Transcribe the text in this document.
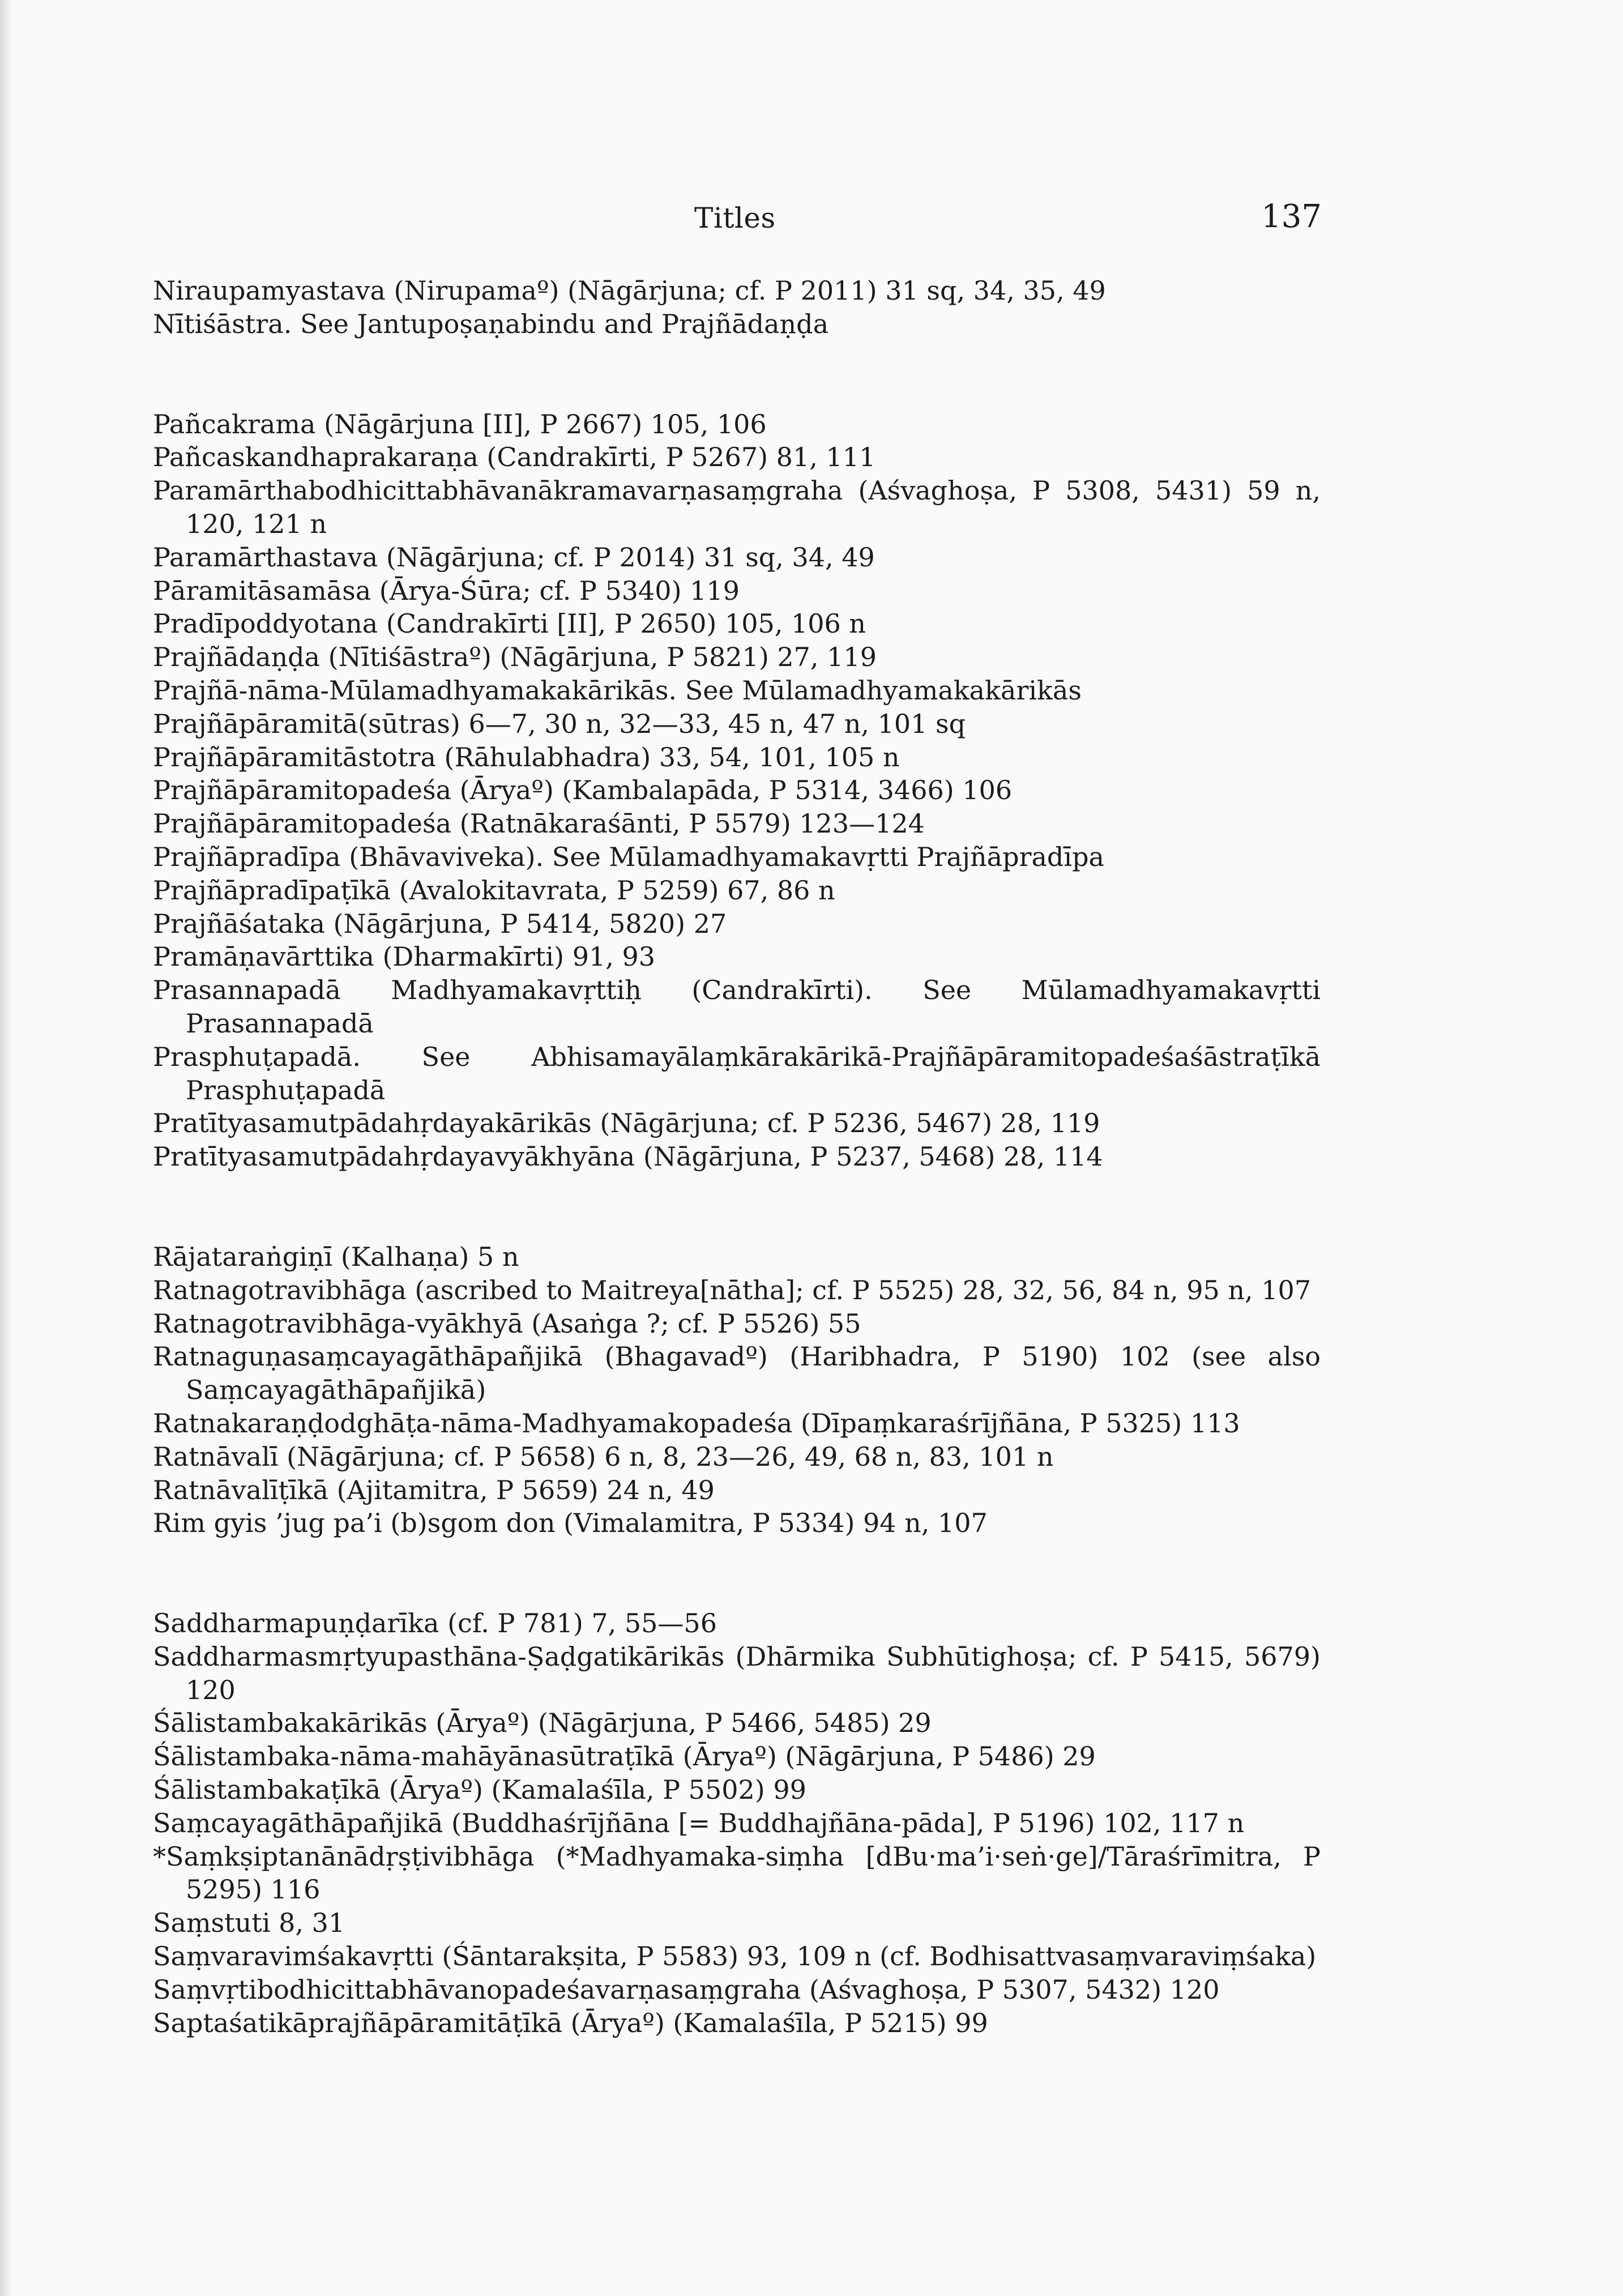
Titles	137
Niraupamyastava (Nirupamaº) (Nāgārjuna; cf. P 2011) 31 sq, 34, 35, 49
Nītiśāstra. See Jantupoṣaṇabindu and Prajñādaṇḍa
Pañcakrama (Nāgārjuna [II], P 2667) 105, 106
Pañcaskandhaprakaraṇa (Candrakīrti, P 5267) 81, 111
Paramārthabodhicittabhāvanākramavarṇasaṃgraha (Aśvaghoṣa, P 5308, 5431) 59 n, 120, 121 n
Paramārthastava (Nāgārjuna; cf. P 2014) 31 sq, 34, 49
Pāramitāsamāsa (Ārya-Śūra; cf. P 5340) 119
Pradīpoddyotana (Candrakīrti [II], P 2650) 105, 106 n
Prajñādaṇḍa (Nītiśāstraº) (Nāgārjuna, P 5821) 27, 119
Prajñā-nāma-Mūlamadhyamakakārikās. See Mūlamadhyamakakārikās
Prajñāpāramitā(sūtras) 6—7, 30 n, 32—33, 45 n, 47 n, 101 sq
Prajñāpāramitāstotra (Rāhulabhadra) 33, 54, 101, 105 n
Prajñāpāramitopadeśa (Āryaº) (Kambalapāda, P 5314, 3466) 106
Prajñāpāramitopadeśa (Ratnākaraśānti, P 5579) 123—124
Prajñāpradīpa (Bhāvaviveka). See Mūlamadhyamakavṛtti Prajñāpradīpa
Prajñāpradīpaṭīkā (Avalokitavrata, P 5259) 67, 86 n
Prajñāśataka (Nāgārjuna, P 5414, 5820) 27
Pramāṇavārttika (Dharmakīrti) 91, 93
Prasannapadā Madhyamakavṛttiḥ (Candrakīrti). See Mūlamadhyamakavṛtti Prasannapadā
Prasphuṭapadā. See Abhisamayālaṃkārakārikā-Prajñāpāramitopadeśaśāstraṭīkā Prasphuṭapadā
Pratītyasamutpādahṛdayakārikās (Nāgārjuna; cf. P 5236, 5467) 28, 119
Pratītyasamutpādahṛdayavyākhyāna (Nāgārjuna, P 5237, 5468) 28, 114
Rājataraṅgiṇī (Kalhaṇa) 5 n
Ratnagotravibhāga (ascribed to Maitreya[nātha]; cf. P 5525) 28, 32, 56, 84 n, 95 n, 107
Ratnagotravibhāga-vyākhyā (Asaṅga ?; cf. P 5526) 55
Ratnaguṇasaṃcayagāthāpañjikā (Bhagavadº) (Haribhadra, P 5190) 102 (see also Saṃcayagāthāpañjikā)
Ratnakaraṇḍodghāṭa-nāma-Madhyamakopadeśa (Dīpaṃkaraśrījñāna, P 5325) 113
Ratnāvalī (Nāgārjuna; cf. P 5658) 6 n, 8, 23—26, 49, 68 n, 83, 101 n
Ratnāvalīṭīkā (Ajitamitra, P 5659) 24 n, 49
Rim gyis ’jug pa’i (b)sgom don (Vimalamitra, P 5334) 94 n, 107
Saddharmapuṇḍarīka (cf. P 781) 7, 55—56
Saddharmasmṛtyupasthāna-Ṣaḍgatikārikās (Dhārmika Subhūtighoṣa; cf. P 5415, 5679) 120
Śālistambakakārikās (Āryaº) (Nāgārjuna, P 5466, 5485) 29
Śālistambaka-nāma-mahāyānasūtraṭīkā (Āryaº) (Nāgārjuna, P 5486) 29
Śālistambakaṭīkā (Āryaº) (Kamalaśīla, P 5502) 99
Saṃcayagāthāpañjikā (Buddhaśrījñāna [= Buddhajñāna-pāda], P 5196) 102, 117 n
*Saṃkṣiptanānādṛṣṭivibhāga (*Madhyamaka-siṃha [dBu·ma’i·seṅ·ge]/Tāraśrīmitra, P 5295) 116
Saṃstuti 8, 31
Saṃvaravimśakavṛtti (Śāntarakṣita, P 5583) 93, 109 n (cf. Bodhisattvasaṃvaraviṃśaka)
Saṃvṛtibodhicittabhāvanopadeśavarṇasaṃgraha (Aśvaghoṣa, P 5307, 5432) 120
Saptaśatikāprajñāpāramitāṭīkā (Āryaº) (Kamalaśīla, P 5215) 99
